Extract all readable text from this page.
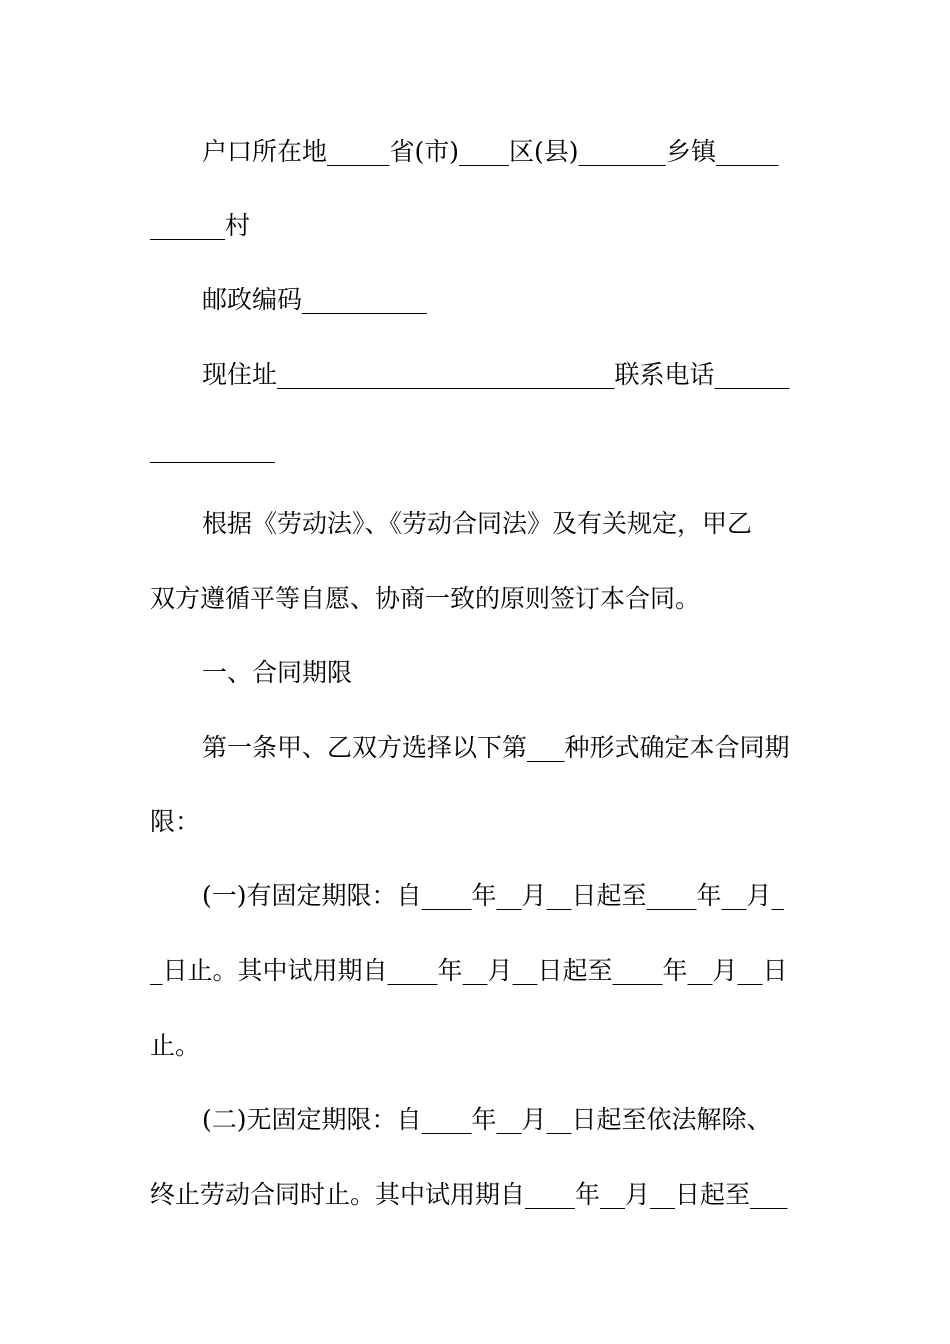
户口所在地_____省(市)____区(县)_______乡镇_____
______村
邮政编码__________
现住址___________________________联系电话______
__________
根据《劳动法》、《劳动合同法》及有关规定，甲乙
双方遵循平等自愿、协商一致的原则签订本合同。
一、合同期限
第一条甲、乙双方选择以下第___种形式确定本合同期
限：
(一)有固定期限：自____年__月__日起至____年__月_
_日止。其中试用期自____年__月__日起至____年__月__日
止。
(二)无固定期限：自____年__月__日起至依法解除、
终止劳动合同时止。其中试用期自____年__月__日起至___
